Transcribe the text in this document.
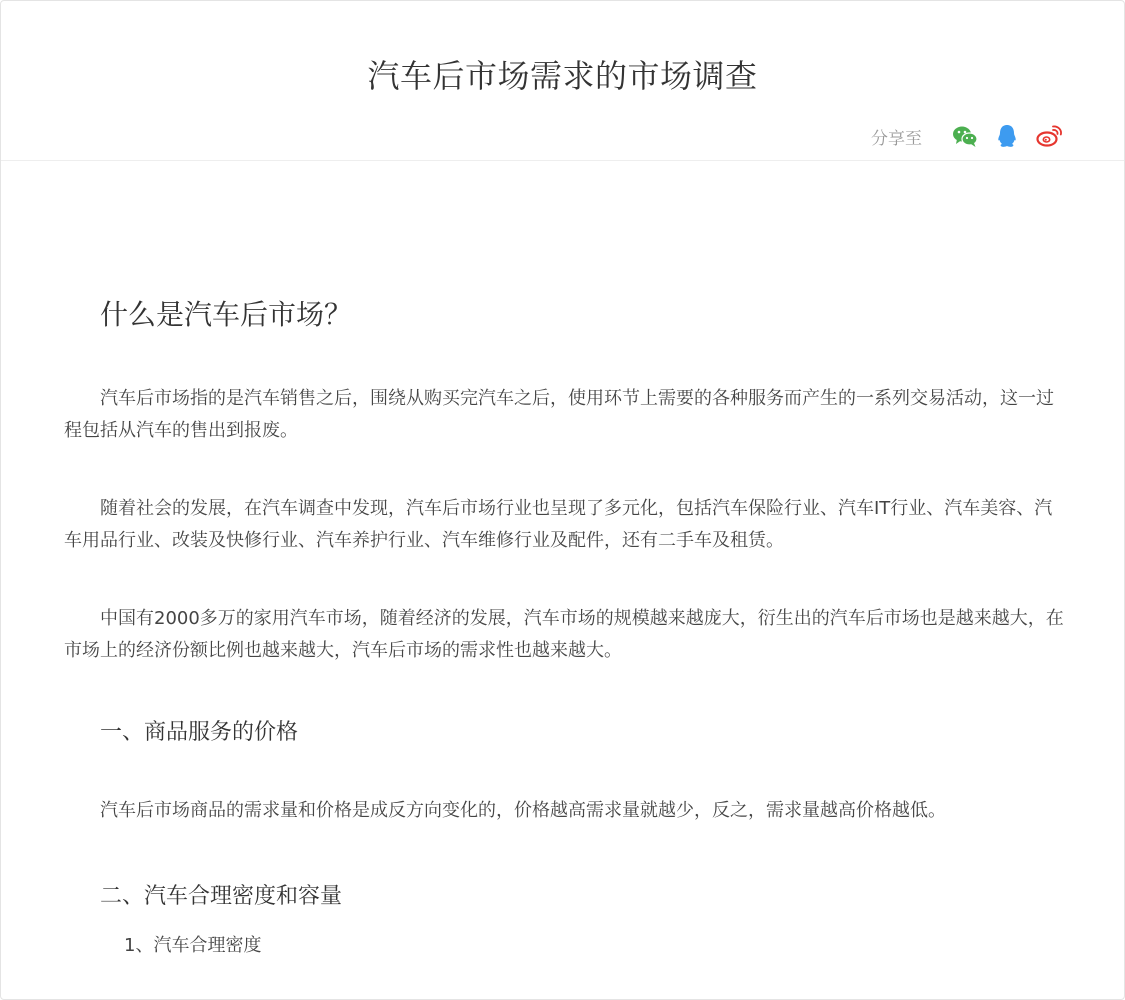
汽车后市场需求的市场调查
分享至
什么是汽车后市场？

汽车后市场指的是汽车销售之后，围绕从购买完汽车之后，使用环节上需要的各种服务而产生的一系列交易活动，这一过程包括从汽车的售出到报废。

随着社会的发展，在汽车调查中发现，汽车后市场行业也呈现了多元化，包括汽车保险行业、汽车IT行业、汽车美容、汽车用品行业、改装及快修行业、汽车养护行业、汽车维修行业及配件，还有二手车及租赁。

中国有2000多万的家用汽车市场，随着经济的发展，汽车市场的规模越来越庞大，衍生出的汽车后市场也是越来越大，在市场上的经济份额比例也越来越大，汽车后市场的需求性也越来越大。

一、商品服务的价格

汽车后市场商品的需求量和价格是成反方向变化的，价格越高需求量就越少，反之，需求量越高价格越低。

二、汽车合理密度和容量

1、汽车合理密度
